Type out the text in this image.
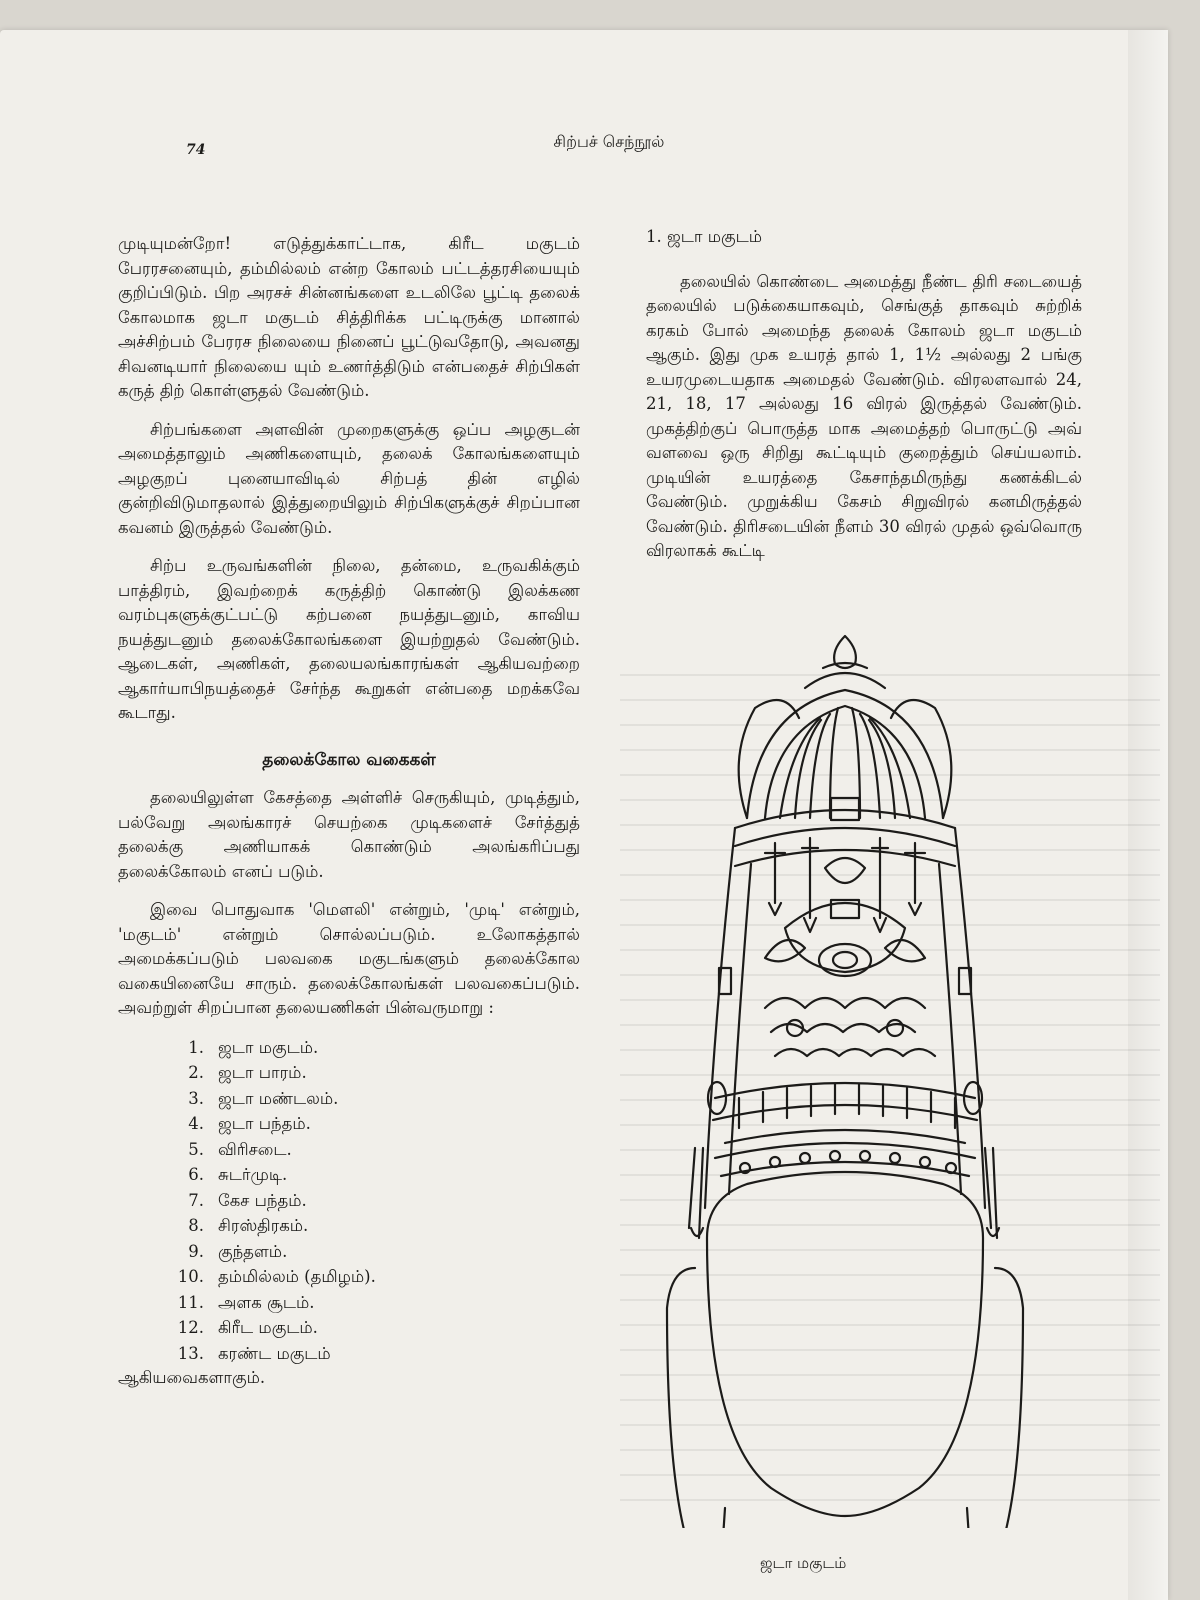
74	சிற்பச் செந்நூல்

முடியுமன்றோ! எடுத்துக்காட்டாக, கிரீட மகுடம் பேரரசனையும், தம்மில்லம் என்ற கோலம் பட்டத்தரசியையும் குறிப்பிடும். பிற அரசச் சின்னங்களை உடலிலே பூட்டி தலைக் கோலமாக ஜடா மகுடம் சித்திரிக்க பட்டிருக்கு மானால் அச்சிற்பம் பேரரச நிலையை நினைப் பூட்டுவதோடு, அவனது சிவனடியார் நிலையை யும் உணர்த்திடும் என்பதைச் சிற்பிகள் கருத் திற் கொள்ளுதல் வேண்டும்.

சிற்பங்களை அளவின் முறைகளுக்கு ஒப்ப அழகுடன் அமைத்தாலும் அணிகளையும், தலைக் கோலங்களையும் அழகுறப் புனையாவிடில் சிற்பத் தின் எழில் குன்றிவிடுமாதலால் இத்துறையிலும் சிற்பிகளுக்குச் சிறப்பான கவனம் இருத்தல் வேண்டும்.

சிற்ப உருவங்களின் நிலை, தன்மை, உருவகிக்கும் பாத்திரம், இவற்றைக் கருத்திற் கொண்டு இலக்கண வரம்புகளுக்குட்பட்டு கற்பனை நயத்துடனும், காவிய நயத்துடனும் தலைக்கோலங்களை இயற்றுதல் வேண்டும். ஆடைகள், அணிகள், தலையலங்காரங்கள் ஆகியவற்றை ஆகார்யாபிநயத்தைச் சேர்ந்த கூறுகள் என்பதை மறக்கவே கூடாது.

தலைக்கோல வகைகள்

தலையிலுள்ள கேசத்தை அள்ளிச் செருகியும், முடித்தும், பல்வேறு அலங்காரச் செயற்கை முடிகளைச் சேர்த்துத் தலைக்கு அணியாகக் கொண்டும் அலங்கரிப்பது தலைக்கோலம் எனப் படும்.

இவை பொதுவாக 'மௌலி' என்றும், 'முடி' என்றும், 'மகுடம்' என்றும் சொல்லப்படும். உலோகத்தால் அமைக்கப்படும் பலவகை மகுடங்களும் தலைக்கோல வகையினையே சாரும். தலைக்கோலங்கள் பலவகைப்படும். அவற்றுள் சிறப்பான தலையணிகள் பின்வருமாறு :

1. ஜடா மகுடம்.
2. ஜடா பாரம்.
3. ஜடா மண்டலம்.
4. ஜடா பந்தம்.
5. விரிசடை.
6. சுடர்முடி.
7. கேச பந்தம்.
8. சிரஸ்திரகம்.
9. குந்தளம்.
10. தம்மில்லம் (தமிழம்).
11. அளக சூடம்.
12. கிரீட மகுடம்.
13. கரண்ட மகுடம்

ஆகியவைகளாகும்.

1. ஜடா மகுடம்

தலையில் கொண்டை அமைத்து நீண்ட திரி சடையைத் தலையில் படுக்கையாகவும், செங்குத் தாகவும் சுற்றிக் கரகம் போல் அமைந்த தலைக் கோலம் ஜடா மகுடம் ஆகும். இது முக உயரத் தால் 1, 1½ அல்லது 2 பங்கு உயரமுடையதாக அமைதல் வேண்டும். விரலளவால் 24, 21, 18, 17 அல்லது 16 விரல் இருத்தல் வேண்டும். முகத்திற்குப் பொருத்த மாக அமைத்தற் பொருட்டு அவ் வளவை ஒரு சிறிது கூட்டியும் குறைத்தும் செய்யலாம். முடியின் உயரத்தை கேசாந்தமிருந்து கணக்கிடல் வேண்டும். முறுக்கிய கேசம் சிறுவிரல் கனமிருத்தல் வேண்டும். திரிசடையின் நீளம் 30 விரல் முதல் ஒவ்வொரு விரலாகக் கூட்டி

ஜடா மகுடம்
